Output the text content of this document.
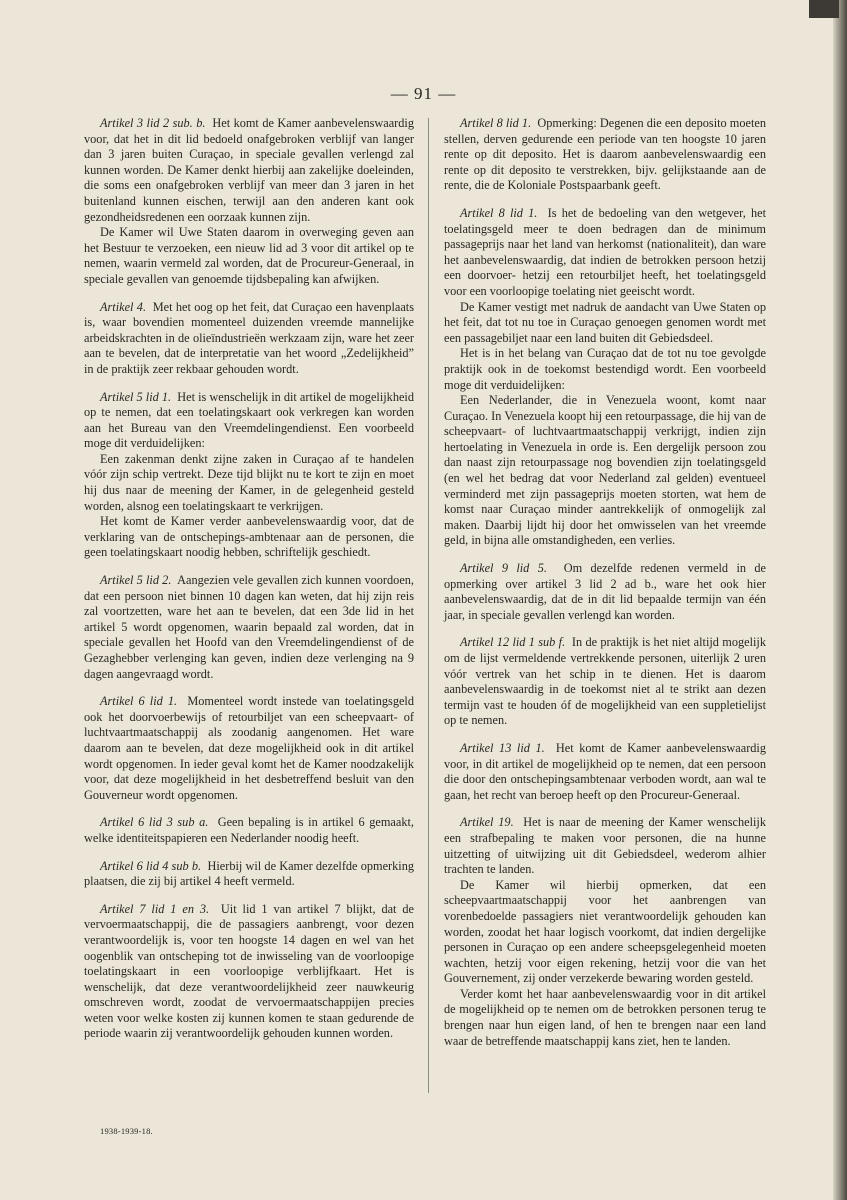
— 91 —

Artikel 3 lid 2 sub. b. Het komt de Kamer aanbevelenswaardig voor, dat het in dit lid bedoeld onafgebroken verblijf van langer dan 3 jaren buiten Curaçao, in speciale gevallen verlengd zal kunnen worden. De Kamer denkt hierbij aan zakelijke doeleinden, die soms een onafgebroken verblijf van meer dan 3 jaren in het buitenland kunnen eischen, terwijl aan den anderen kant ook gezondheidsredenen een oorzaak kunnen zijn.

De Kamer wil Uwe Staten daarom in overweging geven aan het Bestuur te verzoeken, een nieuw lid ad 3 voor dit artikel op te nemen, waarin vermeld zal worden, dat de Procureur-Generaal, in speciale gevallen van genoemde tijdsbepaling kan afwijken.

Artikel 4. Met het oog op het feit, dat Curaçao een havenplaats is, waar bovendien momenteel duizenden vreemde mannelijke arbeidskrachten in de olieïndustrieën werkzaam zijn, ware het zeer aan te bevelen, dat de interpretatie van het woord „Zedelijkheid” in de praktijk zeer rekbaar gehouden wordt.

Artikel 5 lid 1. Het is wenschelijk in dit artikel de mogelijkheid op te nemen, dat een toelatingskaart ook verkregen kan worden aan het Bureau van den Vreemdelingendienst. Een voorbeeld moge dit verduidelijken:

Een zakenman denkt zijne zaken in Curaçao af te handelen vóór zijn schip vertrekt. Deze tijd blijkt nu te kort te zijn en moet hij dus naar de meening der Kamer, in de gelegenheid gesteld worden, alsnog een toelatingskaart te verkrijgen.

Het komt de Kamer verder aanbevelenswaardig voor, dat de verklaring van de ontschepings-ambtenaar aan de personen, die geen toelatingskaart noodig hebben, schriftelijk geschiedt.

Artikel 5 lid 2. Aangezien vele gevallen zich kunnen voordoen, dat een persoon niet binnen 10 dagen kan weten, dat hij zijn reis zal voortzetten, ware het aan te bevelen, dat een 3de lid in het artikel 5 wordt opgenomen, waarin bepaald zal worden, dat in speciale gevallen het Hoofd van den Vreemdelingendienst of de Gezaghebber verlenging kan geven, indien deze verlenging na 9 dagen aangevraagd wordt.

Artikel 6 lid 1. Momenteel wordt instede van toelatingsgeld ook het doorvoerbewijs of retourbiljet van een scheepvaart- of luchtvaartmaatschappij als zoodanig aangenomen. Het ware daarom aan te bevelen, dat deze mogelijkheid ook in dit artikel wordt opgenomen. In ieder geval komt het de Kamer noodzakelijk voor, dat deze mogelijkheid in het desbetreffend besluit van den Gouverneur wordt opgenomen.

Artikel 6 lid 3 sub a. Geen bepaling is in artikel 6 gemaakt, welke identiteitspapieren een Nederlander noodig heeft.

Artikel 6 lid 4 sub b. Hierbij wil de Kamer dezelfde opmerking plaatsen, die zij bij artikel 4 heeft vermeld.

Artikel 7 lid 1 en 3. Uit lid 1 van artikel 7 blijkt, dat de vervoermaatschappij, die de passagiers aanbrengt, voor dezen verantwoordelijk is, voor ten hoogste 14 dagen en wel van het oogenblik van ontscheping tot de inwisseling van de voorloopige toelatingskaart in een voorloopige verblijfkaart. Het is wenschelijk, dat deze verantwoordelijkheid zeer nauwkeurig omschreven wordt, zoodat de vervoermaatschappijen precies weten voor welke kosten zij kunnen komen te staan gedurende de periode waarin zij verantwoordelijk gehouden kunnen worden.

Artikel 8 lid 1. Opmerking: Degenen die een deposito moeten stellen, derven gedurende een periode van ten hoogste 10 jaren rente op dit deposito. Het is daarom aanbevelenswaardig een rente op dit deposito te verstrekken, bijv. gelijkstaande aan de rente, die de Koloniale Postspaarbank geeft.

Artikel 8 lid 1. Is het de bedoeling van den wetgever, het toelatingsgeld meer te doen bedragen dan de minimum passageprijs naar het land van herkomst (nationaliteit), dan ware het aanbevelenswaardig, dat indien de betrokken persoon hetzij een doorvoer- hetzij een retourbiljet heeft, het toelatingsgeld voor een voorloopige toelating niet geeischt wordt.

De Kamer vestigt met nadruk de aandacht van Uwe Staten op het feit, dat tot nu toe in Curaçao genoegen genomen wordt met een passagebiljet naar een land buiten dit Gebiedsdeel.

Het is in het belang van Curaçao dat de tot nu toe gevolgde praktijk ook in de toekomst bestendigd wordt. Een voorbeeld moge dit verduidelijken:

Een Nederlander, die in Venezuela woont, komt naar Curaçao. In Venezuela koopt hij een retourpassage, die hij van de scheepvaart- of luchtvaartmaatschappij verkrijgt, indien zijn hertoelating in Venezuela in orde is. Een dergelijk persoon zou dan naast zijn retourpassage nog bovendien zijn toelatingsgeld (en wel het bedrag dat voor Nederland zal gelden) eventueel verminderd met zijn passageprijs moeten storten, wat hem de komst naar Curaçao minder aantrekkelijk of onmogelijk zal maken. Daarbij lijdt hij door het omwisselen van het vreemde geld, in bijna alle omstandigheden, een verlies.

Artikel 9 lid 5. Om dezelfde redenen vermeld in de opmerking over artikel 3 lid 2 ad b., ware het ook hier aanbevelenswaardig, dat de in dit lid bepaalde termijn van één jaar, in speciale gevallen verlengd kan worden.

Artikel 12 lid 1 sub f. In de praktijk is het niet altijd mogelijk om de lijst vermeldende vertrekkende personen, uiterlijk 2 uren vóór vertrek van het schip in te dienen. Het is daarom aanbevelenswaardig in de toekomst niet al te strikt aan dezen termijn vast te houden óf de mogelijkheid van een suppletielijst op te nemen.

Artikel 13 lid 1. Het komt de Kamer aanbevelenswaardig voor, in dit artikel de mogelijkheid op te nemen, dat een persoon die door den ontschepingsambtenaar verboden wordt, aan wal te gaan, het recht van beroep heeft op den Procureur-Generaal.

Artikel 19. Het is naar de meening der Kamer wenschelijk een strafbepaling te maken voor personen, die na hunne uitzetting of uitwijzing uit dit Gebiedsdeel, wederom alhier trachten te landen.

De Kamer wil hierbij opmerken, dat een scheepvaartmaatschappij voor het aanbrengen van vorenbedoelde passagiers niet verantwoordelijk gehouden kan worden, zoodat het haar logisch voorkomt, dat indien dergelijke personen in Curaçao op een andere scheepsgelegenheid moeten wachten, hetzij voor eigen rekening, hetzij voor die van het Gouvernement, zij onder verzekerde bewaring worden gesteld.

Verder komt het haar aanbevelenswaardig voor in dit artikel de mogelijkheid op te nemen om de betrokken personen terug te brengen naar hun eigen land, of hen te brengen naar een land waar de betreffende maatschappij kans ziet, hen te landen.

1938-1939-18.
